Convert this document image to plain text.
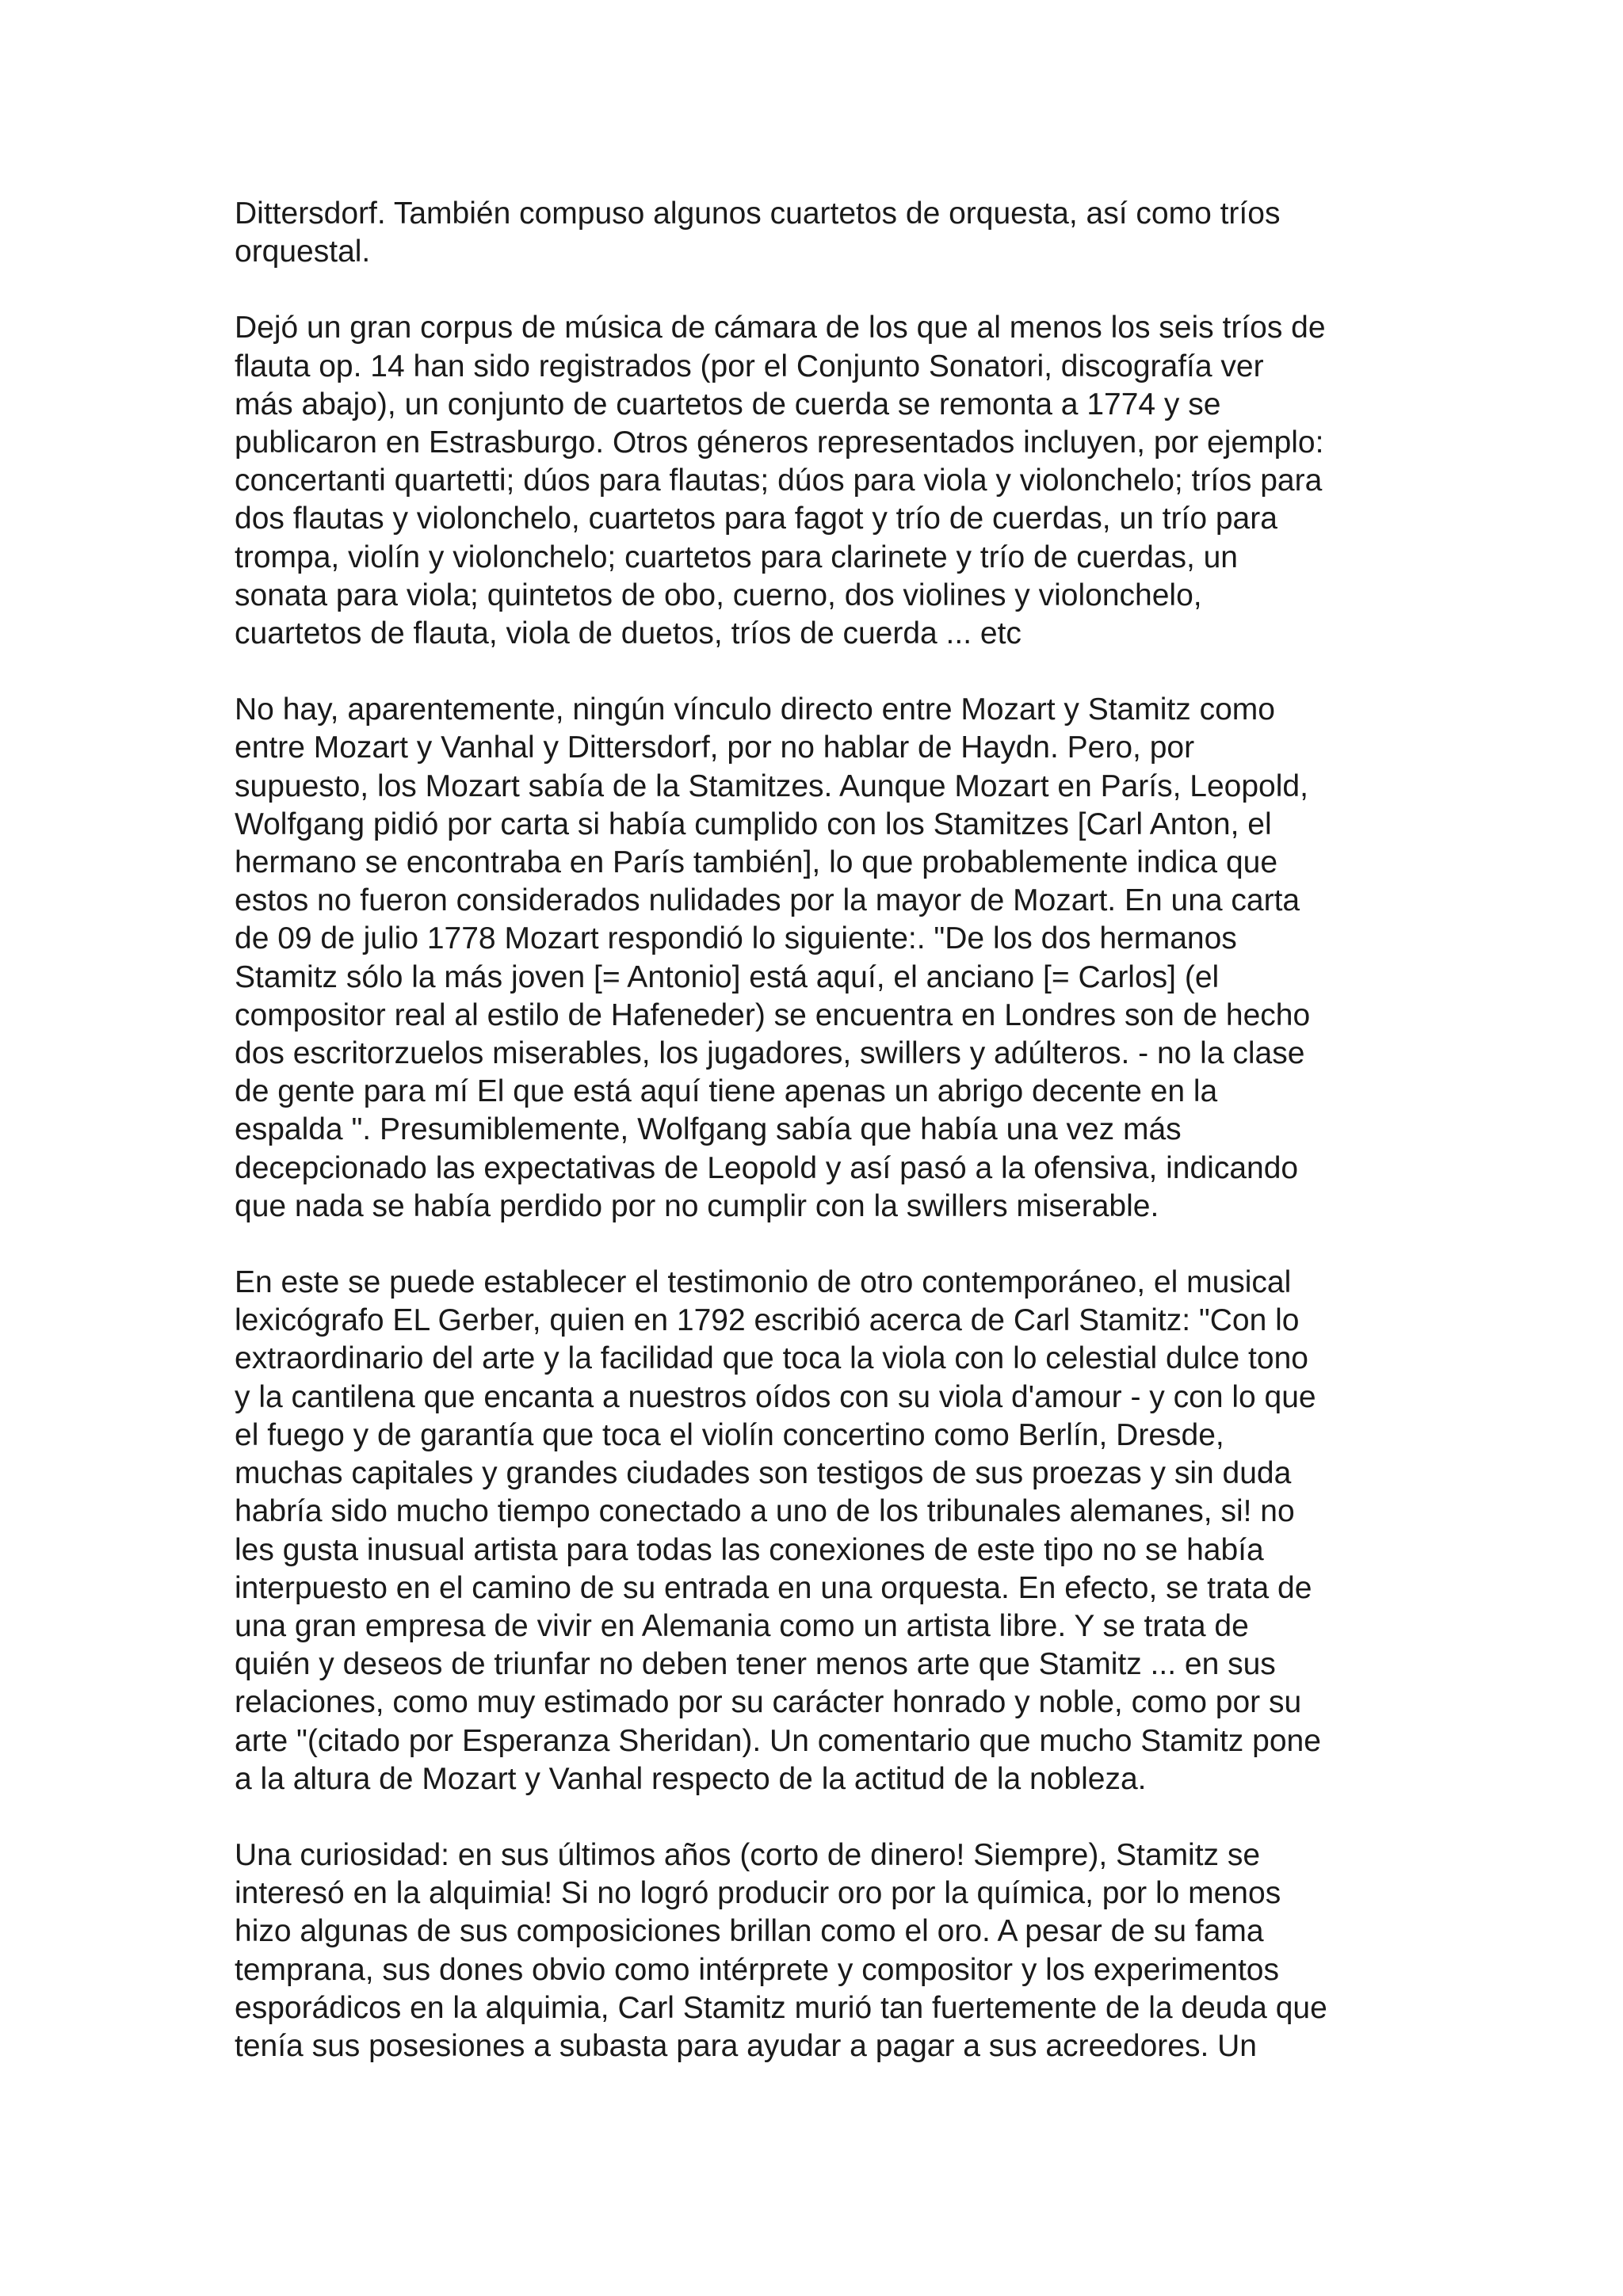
Dittersdorf. También compuso algunos cuartetos de orquesta, así como tríos
orquestal.

Dejó un gran corpus de música de cámara de los que al menos los seis tríos de
flauta op. 14 han sido registrados (por el Conjunto Sonatori, discografía ver
más abajo), un conjunto de cuartetos de cuerda se remonta a 1774 y se
publicaron en Estrasburgo. Otros géneros representados incluyen, por ejemplo:
concertanti quartetti; dúos para flautas; dúos para viola y violonchelo; tríos para
dos flautas y violonchelo, cuartetos para fagot y trío de cuerdas, un trío para
trompa, violín y violonchelo; cuartetos para clarinete y trío de cuerdas, un
sonata para viola; quintetos de obo, cuerno, dos violines y violonchelo,
cuartetos de flauta, viola de duetos, tríos de cuerda ... etc

No hay, aparentemente, ningún vínculo directo entre Mozart y Stamitz como
entre Mozart y Vanhal y Dittersdorf, por no hablar de Haydn. Pero, por
supuesto, los Mozart sabía de la Stamitzes. Aunque Mozart en París, Leopold,
Wolfgang pidió por carta si había cumplido con los Stamitzes [Carl Anton, el
hermano se encontraba en París también], lo que probablemente indica que
estos no fueron considerados nulidades por la mayor de Mozart. En una carta
de 09 de julio 1778 Mozart respondió lo siguiente:. "De los dos hermanos
Stamitz sólo la más joven [= Antonio] está aquí, el anciano [= Carlos] (el
compositor real al estilo de Hafeneder) se encuentra en Londres son de hecho
dos escritorzuelos miserables, los jugadores, swillers y adúlteros. - no la clase
de gente para mí El que está aquí tiene apenas un abrigo decente en la
espalda ". Presumiblemente, Wolfgang sabía que había una vez más
decepcionado las expectativas de Leopold y así pasó a la ofensiva, indicando
que nada se había perdido por no cumplir con la swillers miserable.

En este se puede establecer el testimonio de otro contemporáneo, el musical
lexicógrafo EL Gerber, quien en 1792 escribió acerca de Carl Stamitz: "Con lo
extraordinario del arte y la facilidad que toca la viola con lo celestial dulce tono
y la cantilena que encanta a nuestros oídos con su viola d'amour - y con lo que
el fuego y de garantía que toca el violín concertino como Berlín, Dresde,
muchas capitales y grandes ciudades son testigos de sus proezas y sin duda
habría sido mucho tiempo conectado a uno de los tribunales alemanes, si! no
les gusta inusual artista para todas las conexiones de este tipo no se había
interpuesto en el camino de su entrada en una orquesta. En efecto, se trata de
una gran empresa de vivir en Alemania como un artista libre. Y se trata de
quién y deseos de triunfar no deben tener menos arte que Stamitz ... en sus
relaciones, como muy estimado por su carácter honrado y noble, como por su
arte "(citado por Esperanza Sheridan). Un comentario que mucho Stamitz pone
a la altura de Mozart y Vanhal respecto de la actitud de la nobleza.

Una curiosidad: en sus últimos años (corto de dinero! Siempre), Stamitz se
interesó en la alquimia! Si no logró producir oro por la química, por lo menos
hizo algunas de sus composiciones brillan como el oro. A pesar de su fama
temprana, sus dones obvio como intérprete y compositor y los experimentos
esporádicos en la alquimia, Carl Stamitz murió tan fuertemente de la deuda que
tenía sus posesiones a subasta para ayudar a pagar a sus acreedores. Un
